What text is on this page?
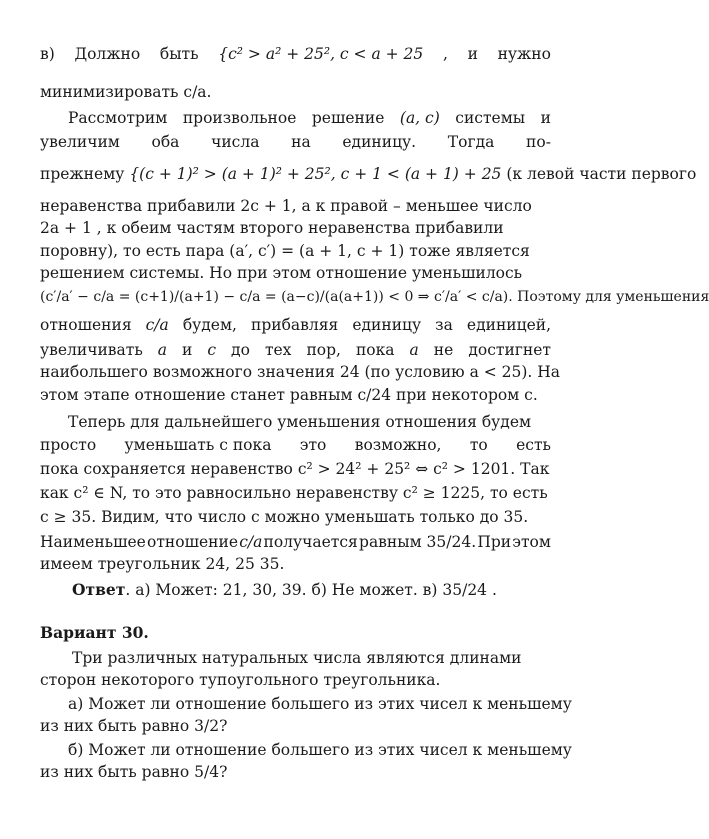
в) Должно быть {c² > a² + 25², c < a + 25 , и нужно
минимизировать c/a.
Рассмотрим произвольное решение (a, c) системы и
увеличим оба числа на единицу. Тогда по-
прежнему {(c + 1)² > (a + 1)² + 25², c + 1 < (a + 1) + 25 (к левой части первого
неравенства прибавили 2c + 1, а к правой – меньшее число
2a + 1 , к обеим частям второго неравенства прибавили
поровну), то есть пара (a′, c′) = (a + 1, c + 1) тоже является
решением системы. Но при этом отношение уменьшилось
(c′/a′ − c/a = (c+1)/(a+1) − c/a = (a−c)/(a(a+1)) < 0 ⇒ c′/a′ < c/a). Поэтому для уменьшения
отношения c/a будем, прибавляя единицу за единицей,
увеличивать a и c до тех пор, пока a не достигнет
наибольшего возможного значения 24 (по условию a < 25). На
этом этапе отношение станет равным c/24 при некотором c.
Теперь для дальнейшего уменьшения отношения будем
просто уменьшать c пока это возможно, то есть
пока сохраняется неравенство c² > 24² + 25² ⇔ c² > 1201. Так
как c² ∈ N, то это равносильно неравенству c² ≥ 1225, то есть
c ≥ 35. Видим, что число c можно уменьшать только до 35.
Наименьшее отношение c/a получается равным 35/24. При этом
имеем треугольник 24, 25 35.
Ответ. а) Может: 21, 30, 39. б) Не может. в) 35/24 .
Вариант 30.
Три различных натуральных числа являются длинами
сторон некоторого тупоугольного треугольника.
а) Может ли отношение большего из этих чисел к меньшему
из них быть равно 3/2?
б) Может ли отношение большего из этих чисел к меньшему
из них быть равно 5/4?
